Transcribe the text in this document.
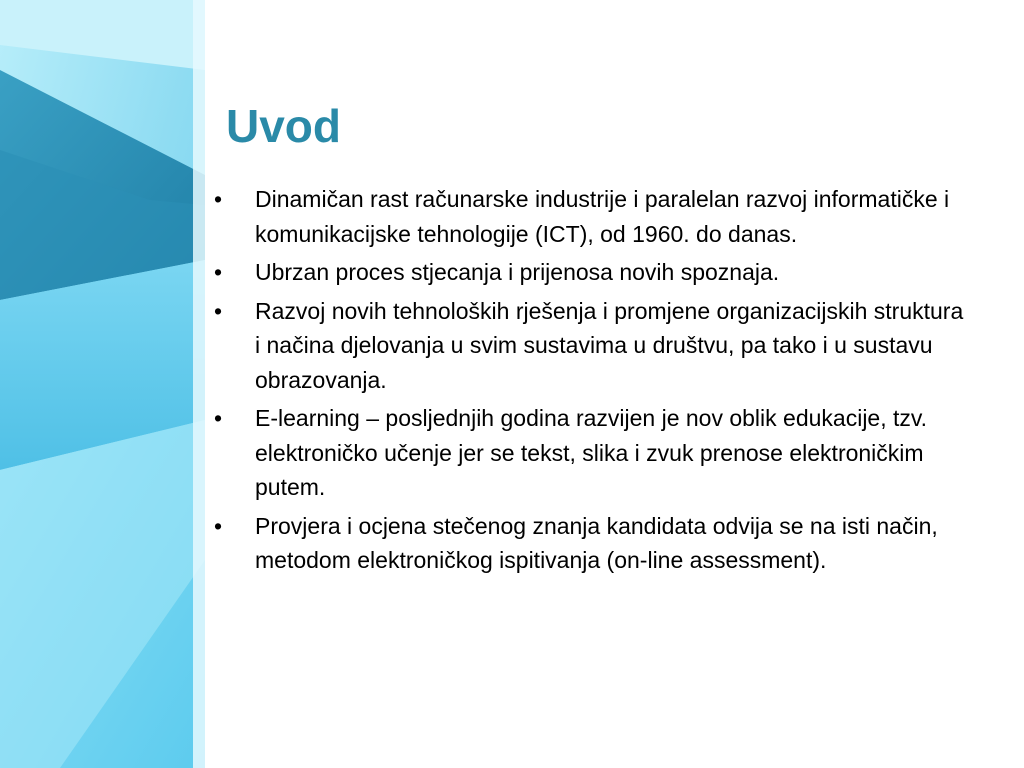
Uvod
•	Dinamičan rast računarske industrije i paralelan razvoj informatičke i komunikacijske tehnologije (ICT), od 1960. do danas.
•	Ubrzan proces stjecanja i prijenosa novih spoznaja.
•	Razvoj novih tehnoloških rješenja i promjene organizacijskih struktura i načina djelovanja u svim sustavima u društvu, pa tako i u sustavu obrazovanja.
•	E-learning – posljednjih godina razvijen je nov oblik edukacije, tzv. elektroničko učenje jer se tekst, slika i zvuk prenose elektroničkim putem.
•	Provjera i ocjena stečenog znanja kandidata odvija se na isti način, metodom elektroničkog ispitivanja (on-line assessment).
